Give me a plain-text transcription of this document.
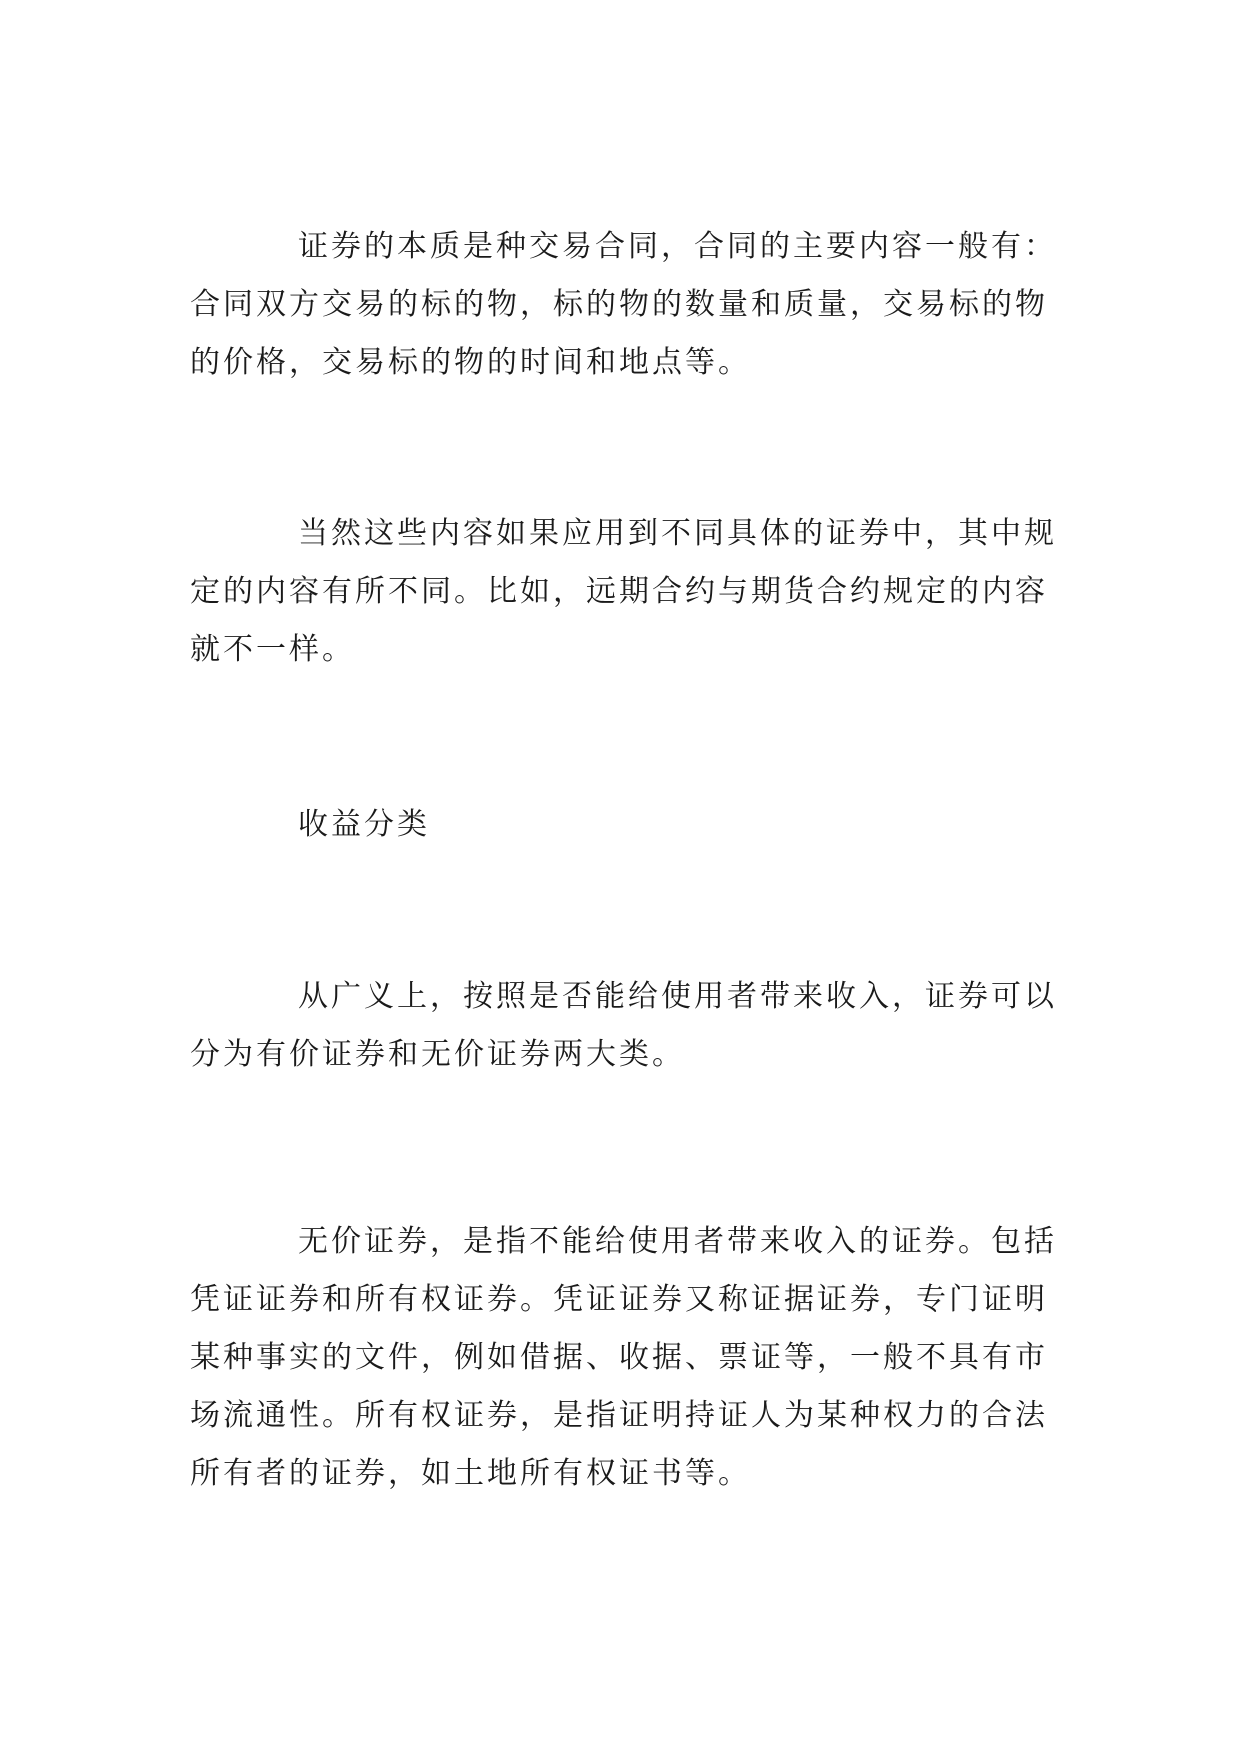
证券的本质是种交易合同，合同的主要内容一般有：
合同双方交易的标的物，标的物的数量和质量，交易标的物
的价格，交易标的物的时间和地点等。

当然这些内容如果应用到不同具体的证券中，其中规
定的内容有所不同。比如，远期合约与期货合约规定的内容
就不一样。

收益分类

从广义上，按照是否能给使用者带来收入，证券可以
分为有价证券和无价证券两大类。

无价证券，是指不能给使用者带来收入的证券。包括
凭证证券和所有权证券。凭证证券又称证据证券，专门证明
某种事实的文件，例如借据、收据、票证等，一般不具有市
场流通性。所有权证券，是指证明持证人为某种权力的合法
所有者的证券，如土地所有权证书等。
